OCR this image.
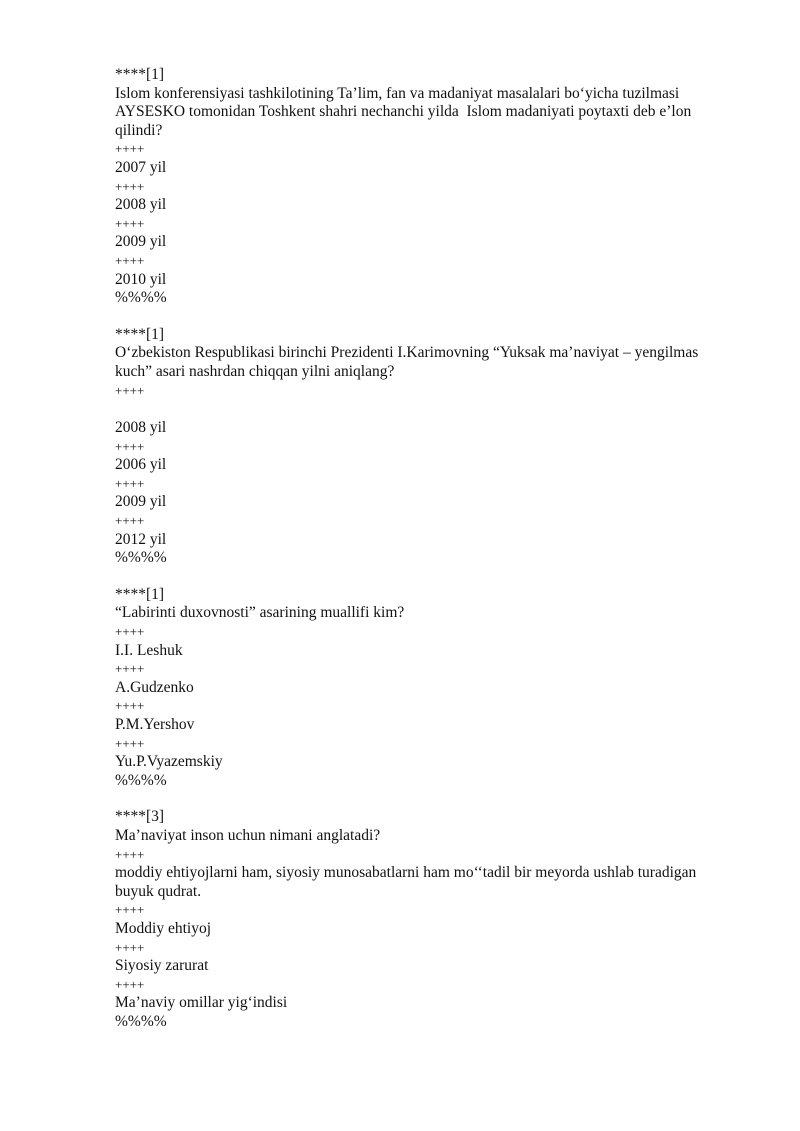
****[1]
Islom konferensiyasi tashkilotining Ta’lim, fan va madaniyat masalalari bo‘yicha tuzilmasi AYSESKO tomonidan Toshkent shahri nechanchi yilda  Islom madaniyati poytaxti deb e’lon qilindi?
++++
2007 yil
++++
2008 yil
++++
2009 yil
++++
2010 yil
%%%%
****[1]
O‘zbekiston Respublikasi birinchi Prezidenti I.Karimovning “Yuksak ma’naviyat – yengilmas kuch” asari nashrdan chiqqan yilni aniqlang?
++++
2008 yil
++++
2006 yil
++++
2009 yil
++++
2012 yil
%%%%
****[1]
“Labirinti duxovnosti” asarining muallifi kim?
++++
I.I. Leshuk
++++
A.Gudzenko
++++
P.M.Yershov
++++
Yu.P.Vyazemskiy
%%%%
****[3]
Ma’naviyat inson uchun nimani anglatadi?
++++
moddiy ehtiyojlarni ham, siyosiy munosabatlarni ham mo‘‘tadil bir meyorda ushlab turadigan buyuk qudrat.
++++
Moddiy ehtiyoj
++++
Siyosiy zarurat
++++
Ma’naviy omillar yig‘indisi
%%%%
